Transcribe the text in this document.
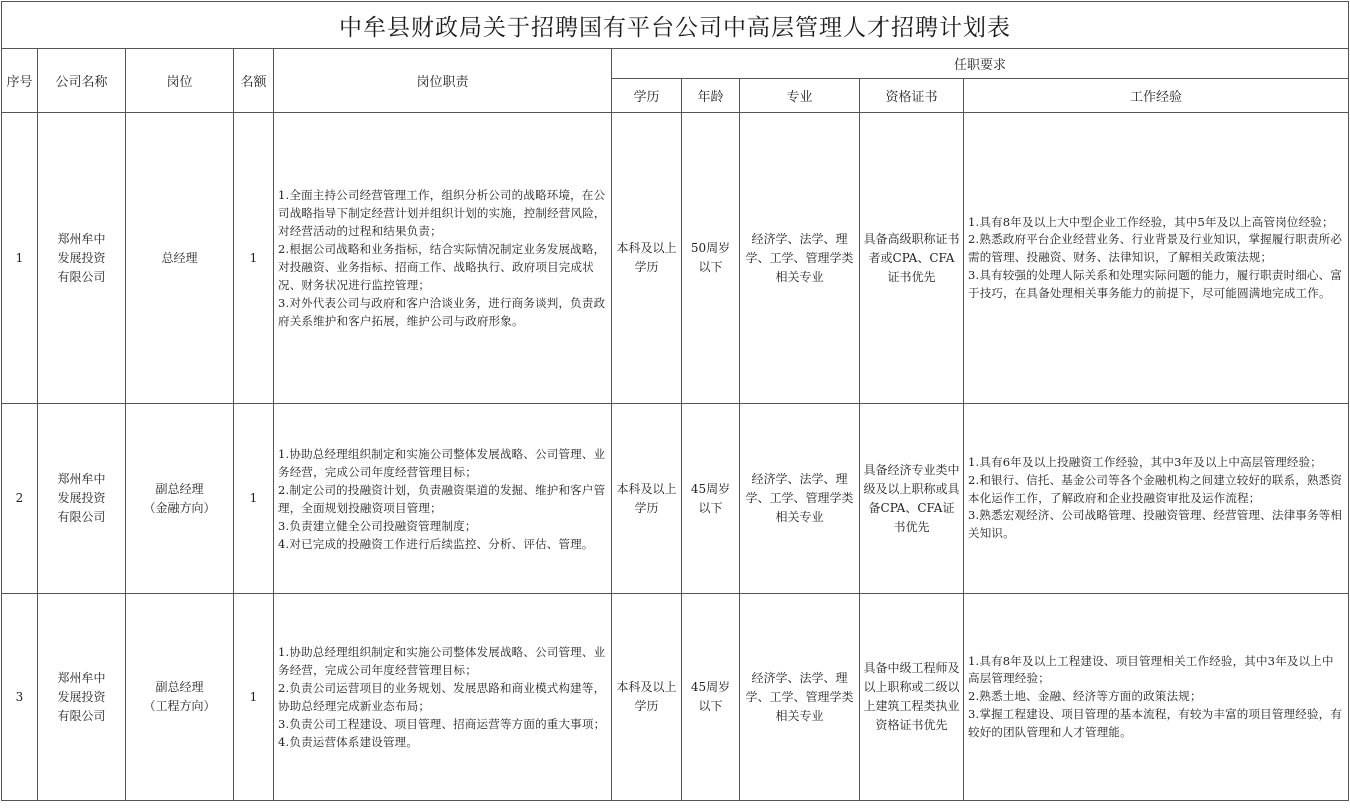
中牟县财政局关于招聘国有平台公司中高层管理人才招聘计划表									
序号	公司名称	岗位	名额	岗位职责	任职要求				
					学历	年龄	专业	资格证书	工作经验
1	郑州牟中
发展投资
有限公司	总经理	1	1.全面主持公司经营管理工作，组织分析公司的战略环境，在公司战略指导下制定经营计划并组织计划的实施，控制经营风险，对经营活动的过程和结果负责；
2.根据公司战略和业务指标，结合实际情况制定业务发展战略，对投融资、业务指标、招商工作、战略执行、政府项目完成状况、财务状况进行监控管理；
3.对外代表公司与政府和客户洽谈业务，进行商务谈判，负责政府关系维护和客户拓展，维护公司与政府形象。	本科及以上学历	50周岁以下	经济学、法学、理学、工学、管理学类相关专业	具备高级职称证书者或CPA、CFA证书优先	1.具有8年及以上大中型企业工作经验，其中5年及以上高管岗位经验；
2.熟悉政府平台企业经营业务、行业背景及行业知识，掌握履行职责所必需的管理、投融资、财务、法律知识，了解相关政策法规；
3.具有较强的处理人际关系和处理实际问题的能力，履行职责时细心、富于技巧，在具备处理相关事务能力的前提下，尽可能圆满地完成工作。

2	郑州牟中
发展投资
有限公司	副总经理
（金融方向）	1	1.协助总经理组织制定和实施公司整体发展战略、公司管理、业务经营，完成公司年度经营管理目标；
2.制定公司的投融资计划，负责融资渠道的发掘、维护和客户管理，全面规划投融资项目管理；
3.负责建立健全公司投融资管理制度；
4.对已完成的投融资工作进行后续监控、分析、评估、管理。	本科及以上学历	45周岁以下	经济学、法学、理学、工学、管理学类相关专业	具备经济专业类中级及以上职称或具备CPA、CFA证书优先	1.具有6年及以上投融资工作经验，其中3年及以上中高层管理经验；
2.和银行、信托、基金公司等各个金融机构之间建立较好的联系，熟悉资本化运作工作，了解政府和企业投融资审批及运作流程；
3.熟悉宏观经济、公司战略管理、投融资管理、经营管理、法律事务等相关知识。

3	郑州牟中
发展投资
有限公司	副总经理
（工程方向）	1	1.协助总经理组织制定和实施公司整体发展战略、公司管理、业务经营，完成公司年度经营管理目标；
2.负责公司运营项目的业务规划、发展思路和商业模式构建等，协助总经理完成新业态布局；
3.负责公司工程建设、项目管理、招商运营等方面的重大事项；
4.负责运营体系建设管理。	本科及以上学历	45周岁以下	经济学、法学、理学、工学、管理学类相关专业	具备中级工程师及以上职称或二级以上建筑工程类执业资格证书优先	1.具有8年及以上工程建设、项目管理相关工作经验，其中3年及以上中高层管理经验；
2.熟悉土地、金融、经济等方面的政策法规；
3.掌握工程建设、项目管理的基本流程，有较为丰富的项目管理经验，有较好的团队管理和人才管理能。
